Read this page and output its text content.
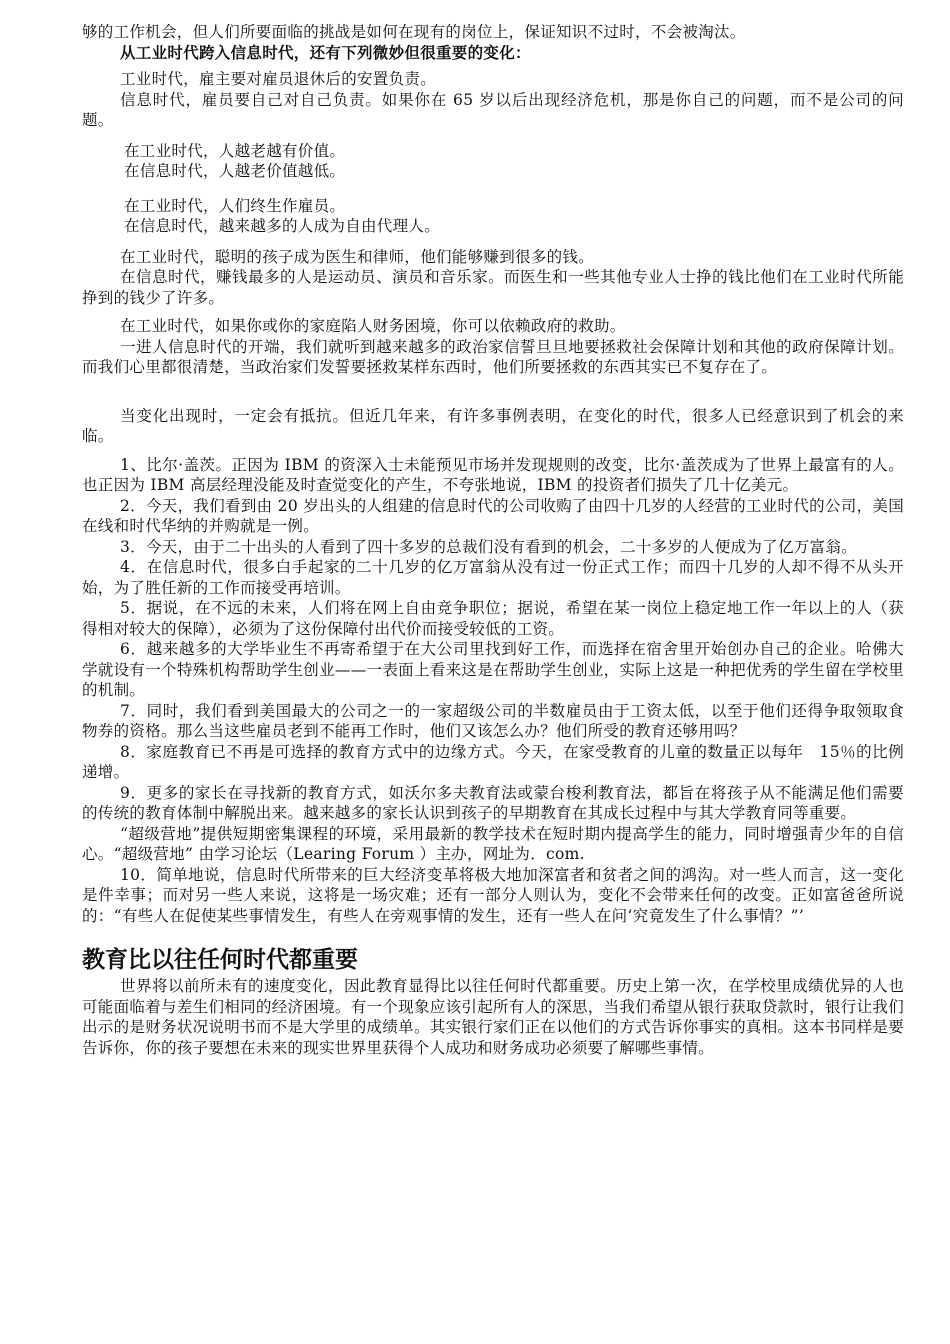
够的工作机会，但人们所要面临的挑战是如何在现有的岗位上，保证知识不过时，不会被淘汰。

从工业时代跨入信息时代，还有下列微妙但很重要的变化：

工业时代，雇主要对雇员退休后的安置负责。

信息时代，雇员要自己对自己负责。如果你在 65 岁以后出现经济危机，那是你自己的问题，而不是公司的问题。

在工业时代，人越老越有价值。

在信息时代，人越老价值越低。

在工业时代，人们终生作雇员。

在信息时代，越来越多的人成为自由代理人。

在工业时代，聪明的孩子成为医生和律师，他们能够赚到很多的钱。

在信息时代，赚钱最多的人是运动员、演员和音乐家。而医生和一些其他专业人士挣的钱比他们在工业时代所能挣到的钱少了许多。

在工业时代，如果你或你的家庭陷人财务困境，你可以依赖政府的救助。

一进人信息时代的开端，我们就听到越来越多的政治家信誓旦旦地要拯救社会保障计划和其他的政府保障计划。而我们心里都很清楚，当政治家们发誓要拯救某样东西时，他们所要拯救的东西其实已不复存在了。

当变化出现时，一定会有抵抗。但近几年来，有许多事例表明，在变化的时代，很多人已经意识到了机会的来临。

1、比尔·盖茨。正因为 IBM 的资深入士未能预见市场并发现规则的改变，比尔·盖茨成为了世界上最富有的人。也正因为 IBM 高层经理没能及时查觉变化的产生，不夸张地说，IBM 的投资者们损失了几十亿美元。

2．今天，我们看到由 20 岁出头的人组建的信息时代的公司收购了由四十几岁的人经营的工业时代的公司，美国在线和时代华纳的并购就是一例。

3．今天，由于二十出头的人看到了四十多岁的总裁们没有看到的机会，二十多岁的人便成为了亿万富翁。

4．在信息时代，很多白手起家的二十几岁的亿万富翁从没有过一份正式工作；而四十几岁的人却不得不从头开始，为了胜任新的工作而接受再培训。

5．据说，在不远的未来，人们将在网上自由竞争职位；据说，希望在某一岗位上稳定地工作一年以上的人（获得相对较大的保障），必须为了这份保障付出代价而接受较低的工资。

6．越来越多的大学毕业生不再寄希望于在大公司里找到好工作，而选择在宿舍里开始创办自己的企业。哈佛大学就设有一个特殊机构帮助学生创业——一表面上看来这是在帮助学生创业，实际上这是一种把优秀的学生留在学校里的机制。

7．同时，我们看到美国最大的公司之一的一家超级公司的半数雇员由于工资太低，以至于他们还得争取领取食物券的资格。那么当这些雇员老到不能再工作时，他们又该怎么办？他们所受的教育还够用吗？

8．家庭教育已不再是可选择的教育方式中的边缘方式。今天，在家受教育的儿童的数量正以每年　15％的比例递增。

9．更多的家长在寻找新的教育方式，如沃尔多夫教育法或蒙台梭利教育法，都旨在将孩子从不能满足他们需要的传统的教育体制中解脱出来。越来越多的家长认识到孩子的早期教育在其成长过程中与其大学教育同等重要。

“超级营地”提供短期密集课程的环境，采用最新的教学技术在短时期内提高学生的能力，同时增强青少年的自信心。“超级营地” 由学习论坛（Learing Forum ）主办，网址为．com.

10．简单地说，信息时代所带来的巨大经济变革将极大地加深富者和贫者之间的鸿沟。对一些人而言，这一变化是件幸事；而对另一些人来说，这将是一场灾难；还有一部分人则认为，变化不会带来任何的改变。正如富爸爸所说的：“有些人在促使某些事情发生，有些人在旁观事情的发生，还有一些人在问‘究竟发生了什么事情？”’

教育比以往任何时代都重要

世界将以前所未有的速度变化，因此教育显得比以往任何时代都重要。历史上第一次，在学校里成绩优异的人也可能面临着与差生们相同的经济困境。有一个现象应该引起所有人的深思，当我们希望从银行获取贷款时，银行让我们出示的是财务状况说明书而不是大学里的成绩单。其实银行家们正在以他们的方式告诉你事实的真相。这本书同样是要告诉你，你的孩子要想在未来的现实世界里获得个人成功和财务成功必须要了解哪些事情。
